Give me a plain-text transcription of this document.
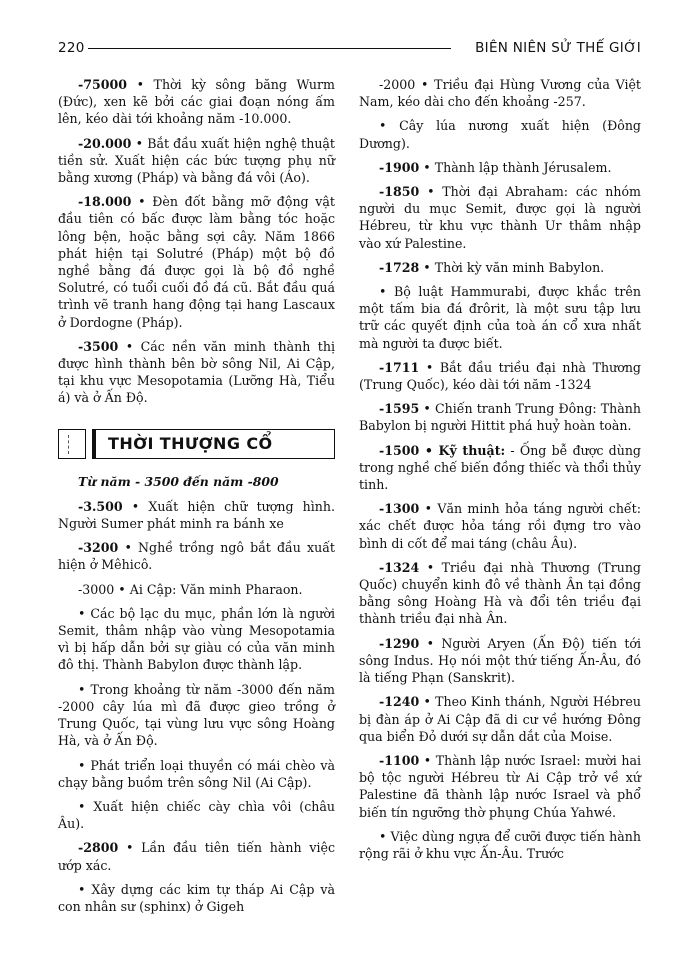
220	BIÊN NIÊN SỬ THẾ GIỚI

-75000 • Thời kỳ sông băng Wurm (Đức), xen kẽ bởi các giai đoạn nóng ấm lên, kéo dài tới khoảng năm -10.000.

-20.000 • Bắt đầu xuất hiện nghệ thuật tiền sử. Xuất hiện các bức tượng phụ nữ bằng xương (Pháp) và bằng đá vôi (Áo).

-18.000 • Đèn đốt bằng mỡ động vật đầu tiên có bấc được làm bằng tóc hoặc lông bện, hoặc bằng sợi cây. Năm 1866 phát hiện tại Solutré (Pháp) một bộ đồ nghề bằng đá được gọi là bộ đồ nghề Solutré, có tuổi cuối đồ đá cũ. Bắt đầu quá trình vẽ tranh hang động tại hang Lascaux ở Dordogne (Pháp).

-3500 • Các nền văn minh thành thị được hình thành bên bờ sông Nil, Ai Cập, tại khu vực Mesopotamia (Lưỡng Hà, Tiểu á) và ở Ấn Độ.

THỜI THƯỢNG CỔ

Từ năm - 3500 đến năm -800

-3.500 • Xuất hiện chữ tượng hình. Người Sumer phát minh ra bánh xe

-3200 • Nghề trồng ngô bắt đầu xuất hiện ở Mêhicô.

-3000 • Ai Cập: Văn minh Pharaon.

• Các bộ lạc du mục, phần lớn là người Semit, thâm nhập vào vùng Mesopotamia vì bị hấp dẫn bởi sự giàu có của văn minh đô thị. Thành Babylon được thành lập.

• Trong khoảng từ năm -3000 đến năm -2000 cây lúa mì đã được gieo trồng ở Trung Quốc, tại vùng lưu vực sông Hoàng Hà, và ở Ấn Độ.

• Phát triển loại thuyền có mái chèo và chạy bằng buồm trên sông Nil (Ai Cập).

• Xuất hiện chiếc cày chìa vôi (châu Âu).

-2800 • Lần đầu tiên tiến hành việc ướp xác.

• Xây dựng các kim tự tháp Ai Cập và con nhân sư (sphinx) ở Gigeh

-2000 • Triều đại Hùng Vương của Việt Nam, kéo dài cho đến khoảng -257.

• Cây lúa nương xuất hiện (Đông Dương).

-1900 • Thành lập thành Jérusalem.

-1850 • Thời đại Abraham: các nhóm người du mục Semit, được gọi là người Hébreu, từ khu vực thành Ur thâm nhập vào xứ Palestine.

-1728 • Thời kỳ văn minh Babylon.

• Bộ luật Hammurabi, được khắc trên một tấm bia đá đrôrit, là một sưu tập lưu trữ các quyết định của toà án cổ xưa nhất mà người ta được biết.

-1711 • Bắt đầu triều đại nhà Thương (Trung Quốc), kéo dài tới năm -1324

-1595 • Chiến tranh Trung Đông: Thành Babylon bị người Hittit phá huỷ hoàn toàn.

-1500 • Kỹ thuật: - Ống bễ được dùng trong nghề chế biến đồng thiếc và thổi thủy tinh.

-1300 • Văn minh hỏa táng người chết: xác chết được hỏa táng rồi đựng tro vào bình di cốt để mai táng (châu Âu).

-1324 • Triều đại nhà Thương (Trung Quốc) chuyển kinh đô về thành Ân tại đồng bằng sông Hoàng Hà và đổi tên triều đại thành triều đại nhà Ân.

-1290 • Người Aryen (Ấn Độ) tiến tới sông Indus. Họ nói một thứ tiếng Ấn-Âu, đó là tiếng Phạn (Sanskrit).

-1240 • Theo Kinh thánh, Người Hébreu bị đàn áp ở Ai Cập đã di cư về hướng Đông qua biển Đỏ dưới sự dẫn dắt của Moise.

-1100 • Thành lập nước Israel: mười hai bộ tộc người Hébreu từ Ai Cập trở về xứ Palestine đã thành lập nước Israel và phổ biến tín ngưỡng thờ phụng Chúa Yahwé.

• Việc dùng ngựa để cưỡi được tiến hành rộng rãi ở khu vực Ấn-Âu. Trước
